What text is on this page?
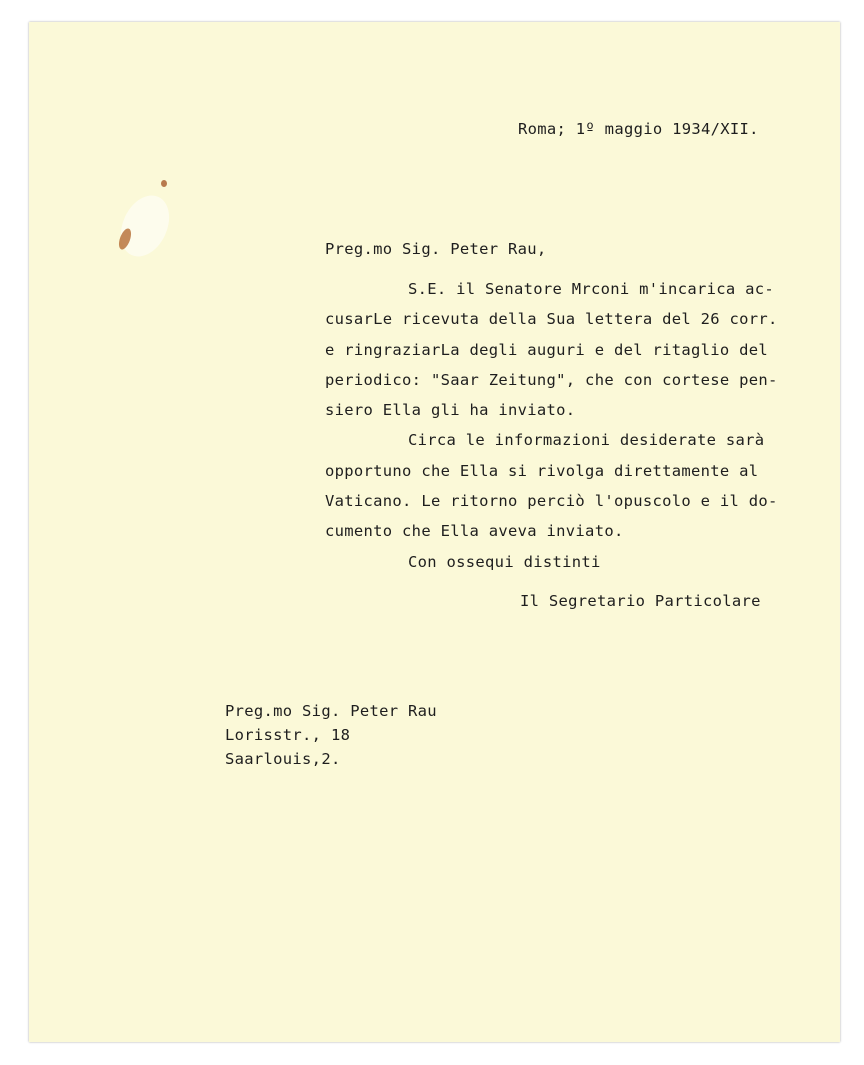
Roma; 1º maggio 1934/XII.

Preg.mo Sig. Peter Rau,

S.E. il Senatore Mrconi m'incarica ac-
cusarLe ricevuta della Sua lettera del 26 corr.
e ringraziarLa degli auguri e del ritaglio del
periodico: "Saar Zeitung", che con cortese pen-
siero Ella gli ha inviato.
Circa le informazioni desiderate sarà
opportuno che Ella si rivolga direttamente al
Vaticano. Le ritorno perciò l'opuscolo e il do-
cumento che Ella aveva inviato.
Con ossequi distinti

Il Segretario Particolare

Preg.mo Sig. Peter Rau
Lorisstr., 18
Saarlouis,2.
